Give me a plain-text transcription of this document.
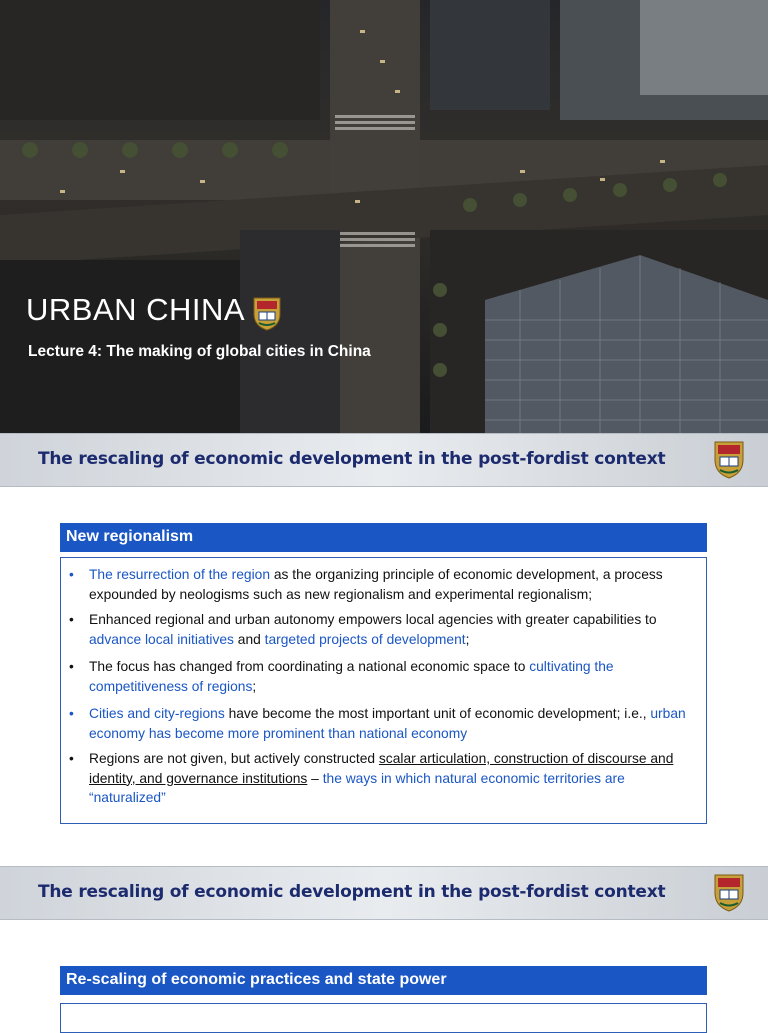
URBAN CHINA
Lecture 4: The making of global cities in China
The rescaling of economic development in the post-fordist context
New regionalism
• The resurrection of the region as the organizing principle of economic development, a process expounded by neologisms such as new regionalism and experimental regionalism;
• Enhanced regional and urban autonomy empowers local agencies with greater capabilities to advance local initiatives and targeted projects of development;
• The focus has changed from coordinating a national economic space to cultivating the competitiveness of regions;
• Cities and city-regions have become the most important unit of economic development; i.e., urban economy has become more prominent than national economy
• Regions are not given, but actively constructed scalar articulation, construction of discourse and identity, and governance institutions – the ways in which natural economic territories are “naturalized”
The rescaling of economic development in the post-fordist context
Re-scaling of economic practices and state power
